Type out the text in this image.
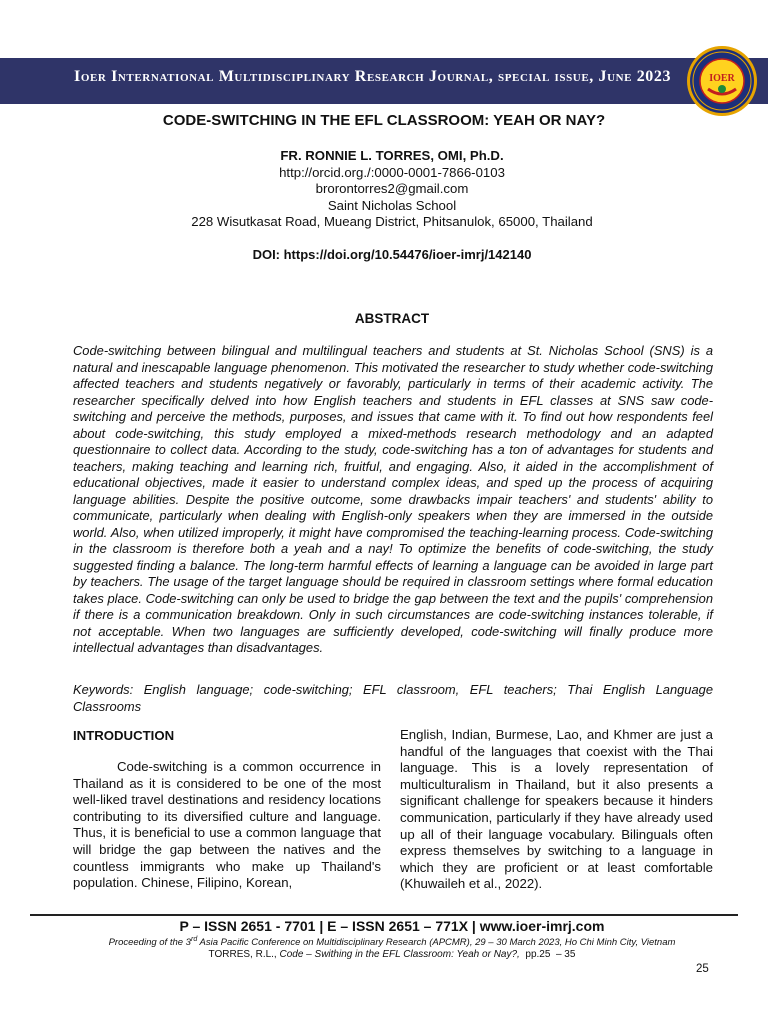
Ioer International Multidisciplinary Research Journal, special issue, June 2023	IOER
CODE-SWITCHING IN THE EFL CLASSROOM: YEAH OR NAY?
FR. RONNIE L. TORRES, OMI, Ph.D.
http://orcid.org./:0000-0001-7866-0103
brorontorres2@gmail.com
Saint Nicholas School
228 Wisutkasat Road, Mueang District, Phitsanulok, 65000, Thailand
DOI: https://doi.org/10.54476/ioer-imrj/142140
ABSTRACT

Code-switching between bilingual and multilingual teachers and students at St. Nicholas School (SNS) is a natural and inescapable language phenomenon. This motivated the researcher to study whether code-switching affected teachers and students negatively or favorably, particularly in terms of their academic activity. The researcher specifically delved into how English teachers and students in EFL classes at SNS saw code-switching and perceive the methods, purposes, and issues that came with it. To find out how respondents feel about code-switching, this study employed a mixed-methods research methodology and an adapted questionnaire to collect data. According to the study, code-switching has a ton of advantages for students and teachers, making teaching and learning rich, fruitful, and engaging. Also, it aided in the accomplishment of educational objectives, made it easier to understand complex ideas, and sped up the process of acquiring language abilities. Despite the positive outcome, some drawbacks impair teachers' and students' ability to communicate, particularly when dealing with English-only speakers when they are immersed in the outside world. Also, when utilized improperly, it might have compromised the teaching-learning process. Code-switching in the classroom is therefore both a yeah and a nay! To optimize the benefits of code-switching, the study suggested finding a balance. The long-term harmful effects of learning a language can be avoided in large part by teachers. The usage of the target language should be required in classroom settings where formal education takes place. Code-switching can only be used to bridge the gap between the text and the pupils' comprehension if there is a communication breakdown. Only in such circumstances are code-switching instances tolerable, if not acceptable. When two languages are sufficiently developed, code-switching will finally produce more intellectual advantages than disadvantages.

Keywords: English language; code-switching; EFL classroom, EFL teachers; Thai English Language Classrooms

INTRODUCTION

Code-switching is a common occurrence in Thailand as it is considered to be one of the most well-liked travel destinations and residency locations contributing to its diversified culture and language. Thus, it is beneficial to use a common language that will bridge the gap between the natives and the countless immigrants who make up Thailand's population. Chinese, Filipino, Korean,

English, Indian, Burmese, Lao, and Khmer are just a handful of the languages that coexist with the Thai language. This is a lovely representation of multiculturalism in Thailand, but it also presents a significant challenge for speakers because it hinders communication, particularly if they have already used up all of their language vocabulary. Bilinguals often express themselves by switching to a language in which they are proficient or at least comfortable (Khuwaileh et al., 2022).

P – ISSN 2651 - 7701 | E – ISSN 2651 – 771X | www.ioer-imrj.com
Proceeding of the 3rd Asia Pacific Conference on Multidisciplinary Research (APCMR), 29 – 30 March 2023, Ho Chi Minh City, Vietnam
TORRES, R.L., Code – Swithing in the EFL Classroom: Yeah or Nay?,  pp.25  – 35
25
